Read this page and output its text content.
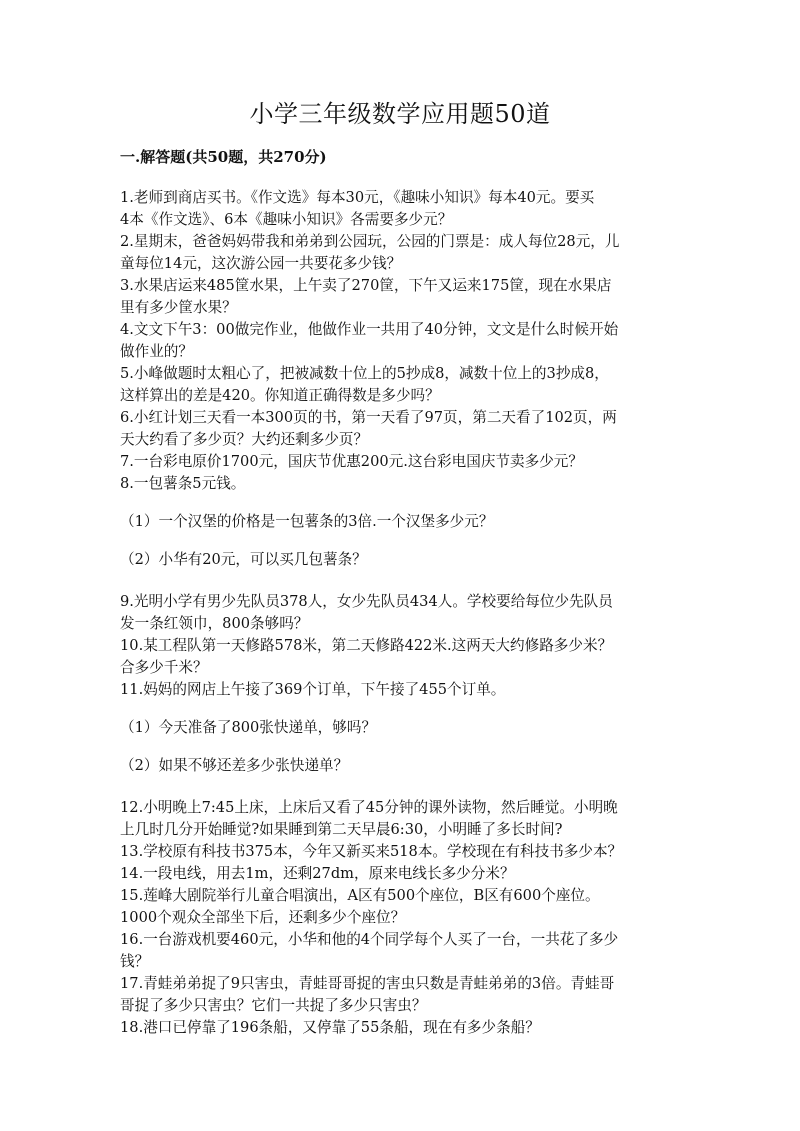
小学三年级数学应用题50道
一.解答题(共50题，共270分)
1.老师到商店买书。《作文选》每本30元，《趣味小知识》每本40元。要买
4本《作文选》、6本《趣味小知识》各需要多少元？
2.星期末，爸爸妈妈带我和弟弟到公园玩，公园的门票是：成人每位28元，儿
童每位14元，这次游公园一共要花多少钱？
3.水果店运来485筐水果，上午卖了270筐，下午又运来175筐，现在水果店
里有多少筐水果？
4.文文下午3：00做完作业，他做作业一共用了40分钟，文文是什么时候开始
做作业的？
5.小峰做题时太粗心了，把被减数十位上的5抄成8，减数十位上的3抄成8，
这样算出的差是420。你知道正确得数是多少吗？
6.小红计划三天看一本300页的书，第一天看了97页，第二天看了102页，两
天大约看了多少页？大约还剩多少页？
7.一台彩电原价1700元，国庆节优惠200元.这台彩电国庆节卖多少元？
8.一包薯条5元钱。
（1）一个汉堡的价格是一包薯条的3倍.一个汉堡多少元？
（2）小华有20元，可以买几包薯条？
9.光明小学有男少先队员378人，女少先队员434人。学校要给每位少先队员
发一条红领巾，800条够吗？
10.某工程队第一天修路578米，第二天修路422米.这两天大约修路多少米？
合多少千米？
11.妈妈的网店上午接了369个订单，下午接了455个订单。
（1）今天准备了800张快递单，够吗？
（2）如果不够还差多少张快递单？
12.小明晚上7:45上床，上床后又看了45分钟的课外读物，然后睡觉。小明晚
上几时几分开始睡觉?如果睡到第二天早晨6:30，小明睡了多长时间?
13.学校原有科技书375本，今年又新买来518本。学校现在有科技书多少本？
14.一段电线，用去1m，还剩27dm，原来电线长多少分米？
15.莲峰大剧院举行儿童合唱演出，A区有500个座位，B区有600个座位。
1000个观众全部坐下后，还剩多少个座位？
16.一台游戏机要460元，小华和他的4个同学每个人买了一台，一共花了多少
钱？
17.青蛙弟弟捉了9只害虫，青蛙哥哥捉的害虫只数是青蛙弟弟的3倍。青蛙哥
哥捉了多少只害虫？它们一共捉了多少只害虫？
18.港口已停靠了196条船，又停靠了55条船，现在有多少条船？
